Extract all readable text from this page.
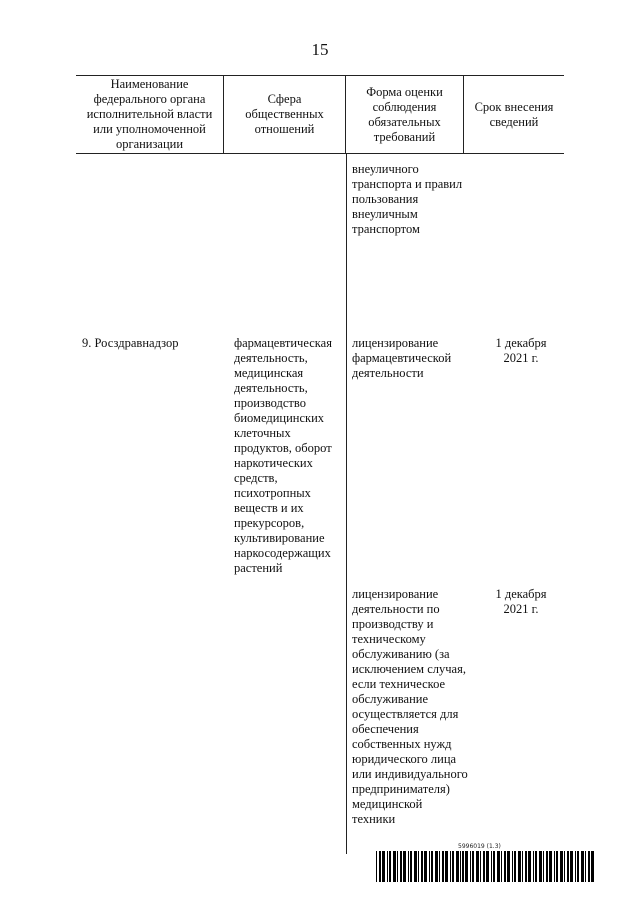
15
Наименование федерального органа исполнительной власти или уполномоченной организации
Сфера общественных отношений
Форма оценки соблюдения обязательных требований
Срок внесения сведений
внеуличного транспорта и правил пользования внеуличным транспортом
9. Росздравнадзор	фармацевтическая деятельность, медицинская деятельность, производство биомедицинских клеточных продуктов, оборот наркотических средств, психотропных веществ и их прекурсоров, культивирование наркосодержащих растений
лицензирование фармацевтической деятельности
1 декабря 2021 г.
лицензирование деятельности по производству и техническому обслуживанию (за исключением случая, если техническое обслуживание осуществляется для обеспечения собственных нужд юридического лица или индивидуального предпринимателя) медицинской техники
1 декабря 2021 г.
5996019 (1.3)
